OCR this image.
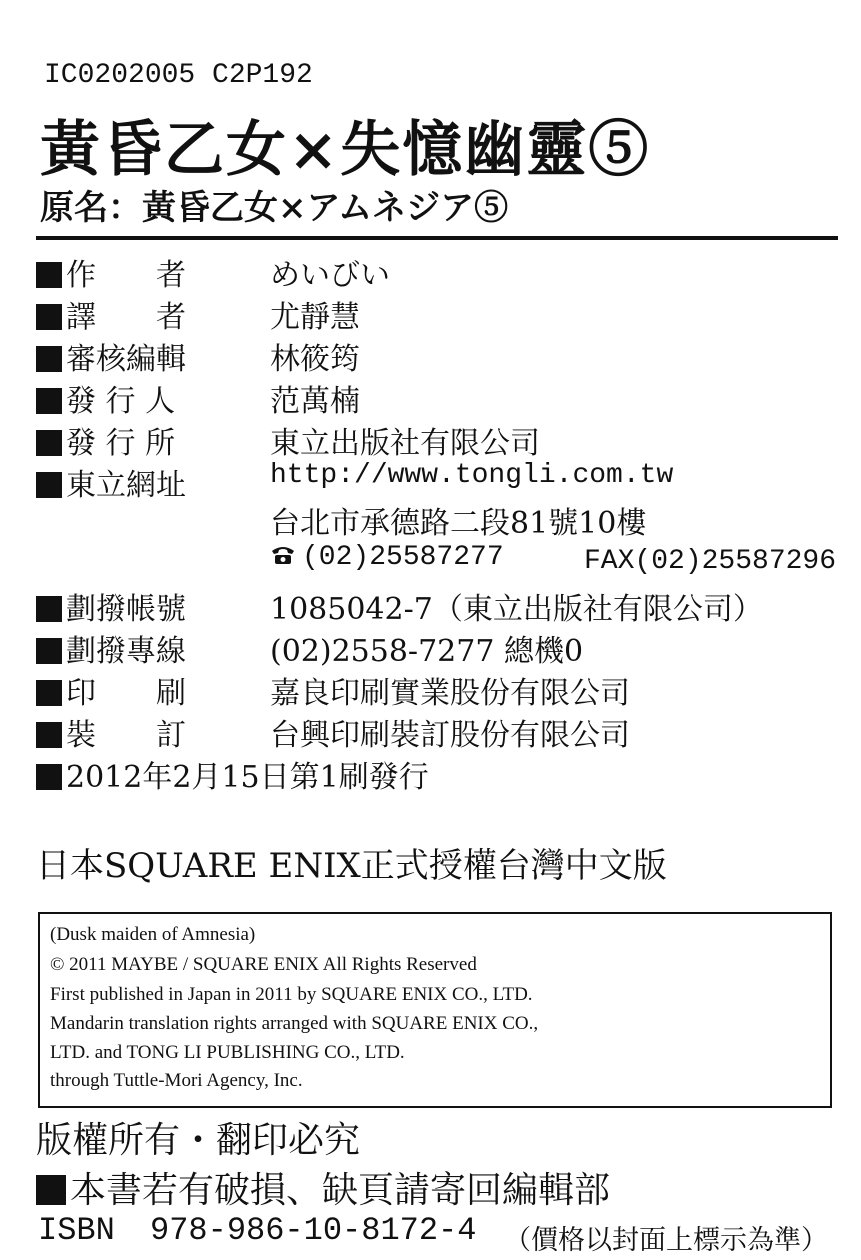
IC0202005 C2P192
黃昏乙女×失憶幽靈⑤
原名：黃昏乙女×アムネジア⑤
作　　者	めいびい
譯　　者	尤靜慧
審核編輯	林筱筠
發 行 人	范萬楠
發 行 所	東立出版社有限公司
東立網址	http://www.tongli.com.tw
台北市承德路二段81號10樓
(02)25587277	FAX(02)25587296
劃撥帳號	1085042-7（東立出版社有限公司）
劃撥專線	(02)2558-7277 總機0
印　　刷	嘉良印刷實業股份有限公司
裝　　訂	台興印刷裝訂股份有限公司
2012年2月15日第1刷發行
日本SQUARE ENIX正式授權台灣中文版
(Dusk maiden of Amnesia)
© 2011 MAYBE / SQUARE ENIX All Rights Reserved
First published in Japan in 2011 by SQUARE ENIX CO., LTD.
Mandarin translation rights arranged with SQUARE ENIX CO.,
LTD. and TONG LI PUBLISHING CO., LTD.
through Tuttle-Mori Agency, Inc.
版權所有・翻印必究
本書若有破損、缺頁請寄回編輯部
ISBN 978-986-10-8172-4 （價格以封面上標示為準）
